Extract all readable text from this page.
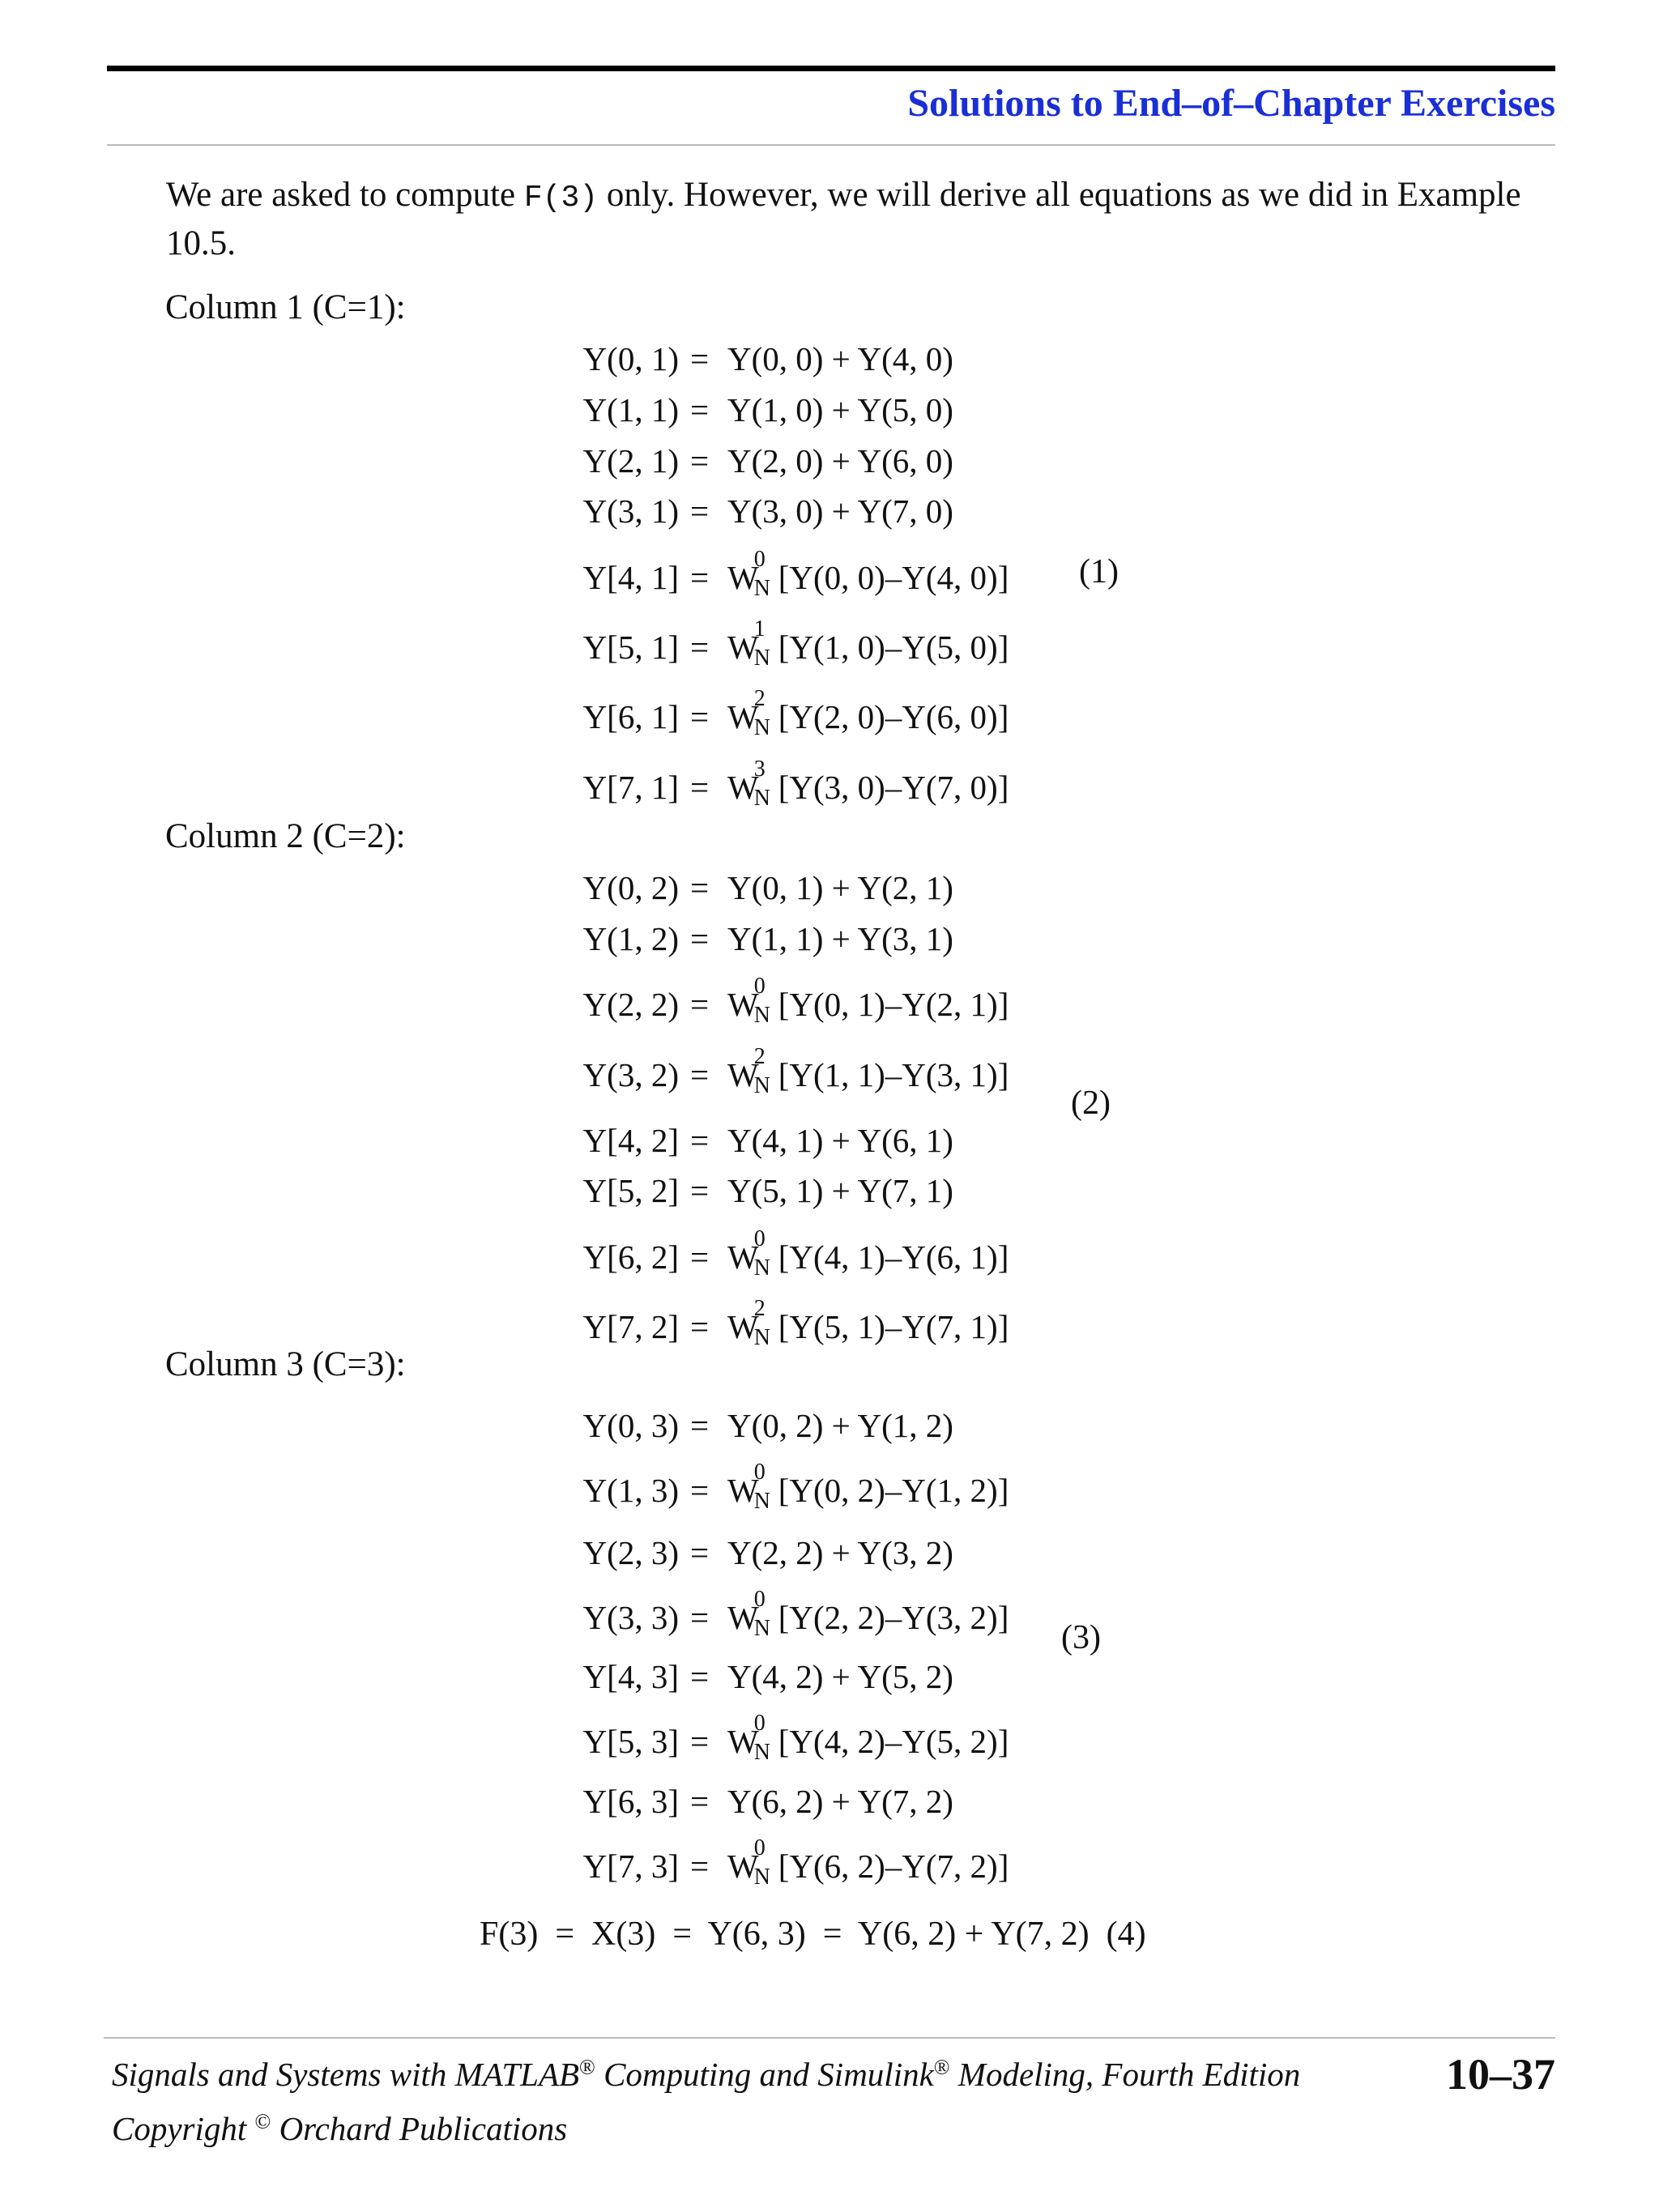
Solutions to End–of–Chapter Exercises
We are asked to compute F(3) only. However, we will derive all equations as we did in Example 10.5.
Column 1 (C=1):
Column 2 (C=2):
Column 3 (C=3):
Y(0, 1) = Y(0, 0) + Y(4, 0)
Y(1, 1) = Y(1, 0) + Y(5, 0)
Y(2, 1) = Y(2, 0) + Y(6, 0)
Y(3, 1) = Y(3, 0) + Y(7, 0)
Y[4, 1] = W
0
N [Y(0, 0)–Y(4, 0)]
Y[5, 1] = W
1
N [Y(1, 0)–Y(5, 0)]
Y[6, 1] = W
2
N [Y(2, 0)–Y(6, 0)]
Y[7, 1] = W
3
N [Y(3, 0)–Y(7, 0)]
Y(0, 2) = Y(0, 1) + Y(2, 1)
Y(1, 2) = Y(1, 1) + Y(3, 1)
Y(2, 2) = W
0
N [Y(0, 1)–Y(2, 1)]
Y(3, 2) = W
2
N [Y(1, 1)–Y(3, 1)]
Y[4, 2] = Y(4, 1) + Y(6, 1)
Y[5, 2] = Y(5, 1) + Y(7, 1)
Y[6, 2] = W
0
N [Y(4, 1)–Y(6, 1)]
Y[7, 2] = W
2
N [Y(5, 1)–Y(7, 1)]
Y(0, 3) = Y(0, 2) + Y(1, 2)
Y(1, 3) = W
0
N [Y(0, 2)–Y(1, 2)]
Y(2, 3) = Y(2, 2) + Y(3, 2)
Y(3, 3) = W
0
N [Y(2, 2)–Y(3, 2)]
Y[4, 3] = Y(4, 2) + Y(5, 2)
Y[5, 3] = W
0
N [Y(4, 2)–Y(5, 2)]
Y[6, 3] = Y(6, 2) + Y(7, 2)
Y[7, 3] = W
0
N [Y(6, 2)–Y(7, 2)]
(1)
(2)
(3)
F(3)  =  X(3)  =  Y(6, 3)  =  Y(6, 2) + Y(7, 2) (4)
Signals and Systems with MATLAB® Computing and Simulink® Modeling, Fourth Edition	10–37
Copyright © Orchard Publications
